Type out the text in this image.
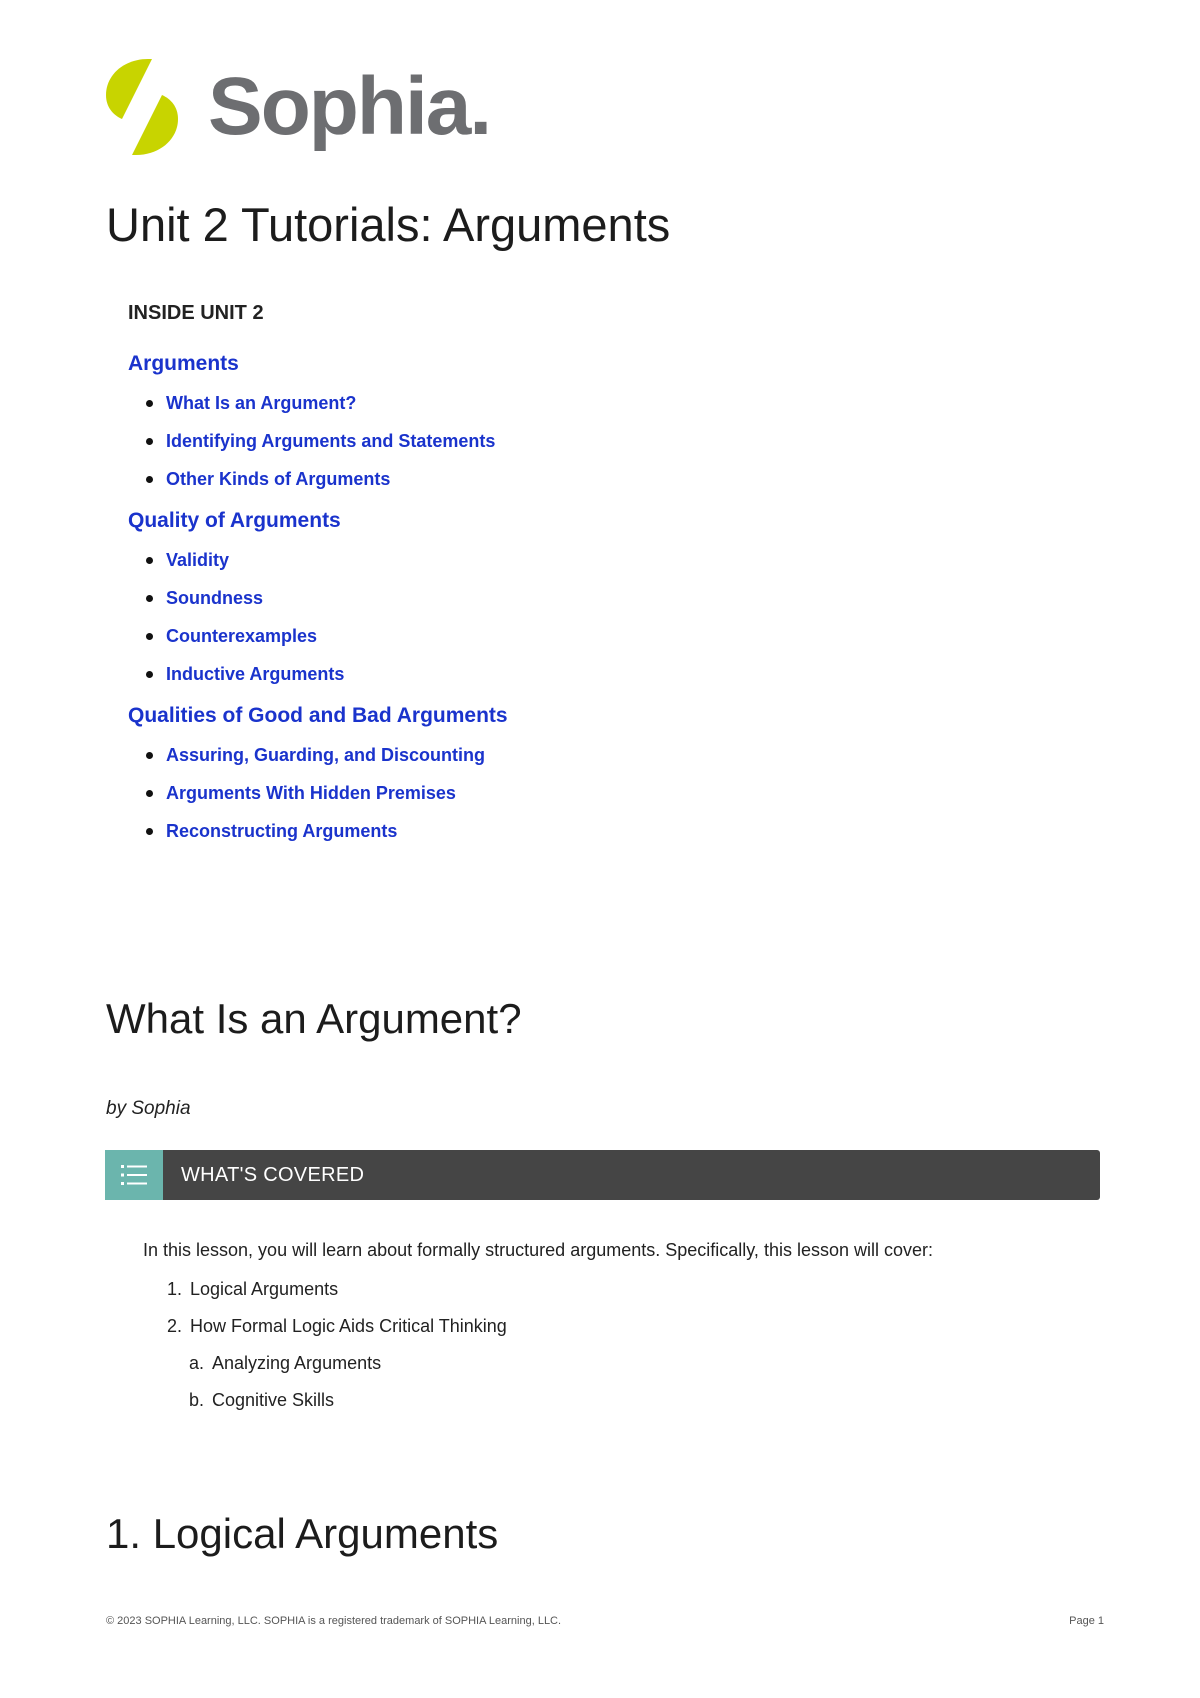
Sophia.
Unit 2 Tutorials: Arguments
INSIDE UNIT 2
Arguments
What Is an Argument?
Identifying Arguments and Statements
Other Kinds of Arguments
Quality of Arguments
Validity
Soundness
Counterexamples
Inductive Arguments
Qualities of Good and Bad Arguments
Assuring, Guarding, and Discounting
Arguments With Hidden Premises
Reconstructing Arguments
What Is an Argument?
by Sophia
WHAT'S COVERED
In this lesson, you will learn about formally structured arguments. Specifically, this lesson will cover:
1. Logical Arguments
2. How Formal Logic Aids Critical Thinking
a. Analyzing Arguments
b. Cognitive Skills
1. Logical Arguments
© 2023 SOPHIA Learning, LLC. SOPHIA is a registered trademark of SOPHIA Learning, LLC.	Page 1
